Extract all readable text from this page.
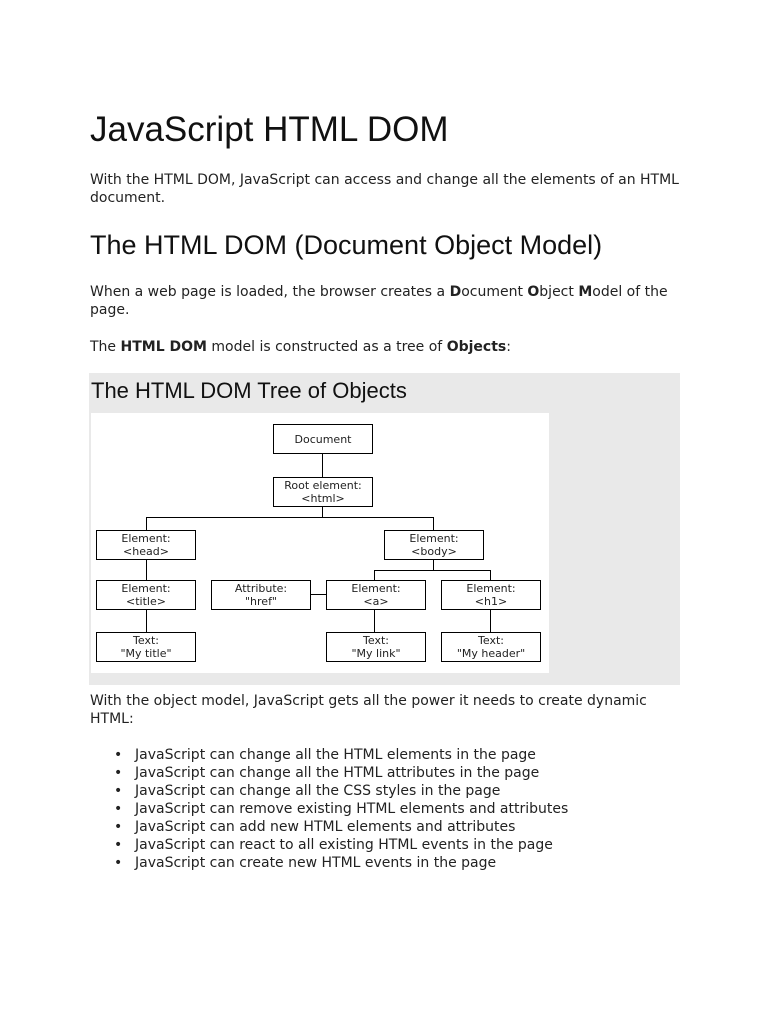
JavaScript HTML DOM

With the HTML DOM, JavaScript can access and change all the elements of an HTML document.

The HTML DOM (Document Object Model)

When a web page is loaded, the browser creates a Document Object Model of the page.

The HTML DOM model is constructed as a tree of Objects:

The HTML DOM Tree of Objects
Document
Root element:
<html>
Element:
<head>
Element:
<body>
Element:
<title>
Attribute:
"href"
Element:
<a>
Element:
<h1>
Text:
"My title"
Text:
"My link"
Text:
"My header"

With the object model, JavaScript gets all the power it needs to create dynamic HTML:

• JavaScript can change all the HTML elements in the page
• JavaScript can change all the HTML attributes in the page
• JavaScript can change all the CSS styles in the page
• JavaScript can remove existing HTML elements and attributes
• JavaScript can add new HTML elements and attributes
• JavaScript can react to all existing HTML events in the page
• JavaScript can create new HTML events in the page
